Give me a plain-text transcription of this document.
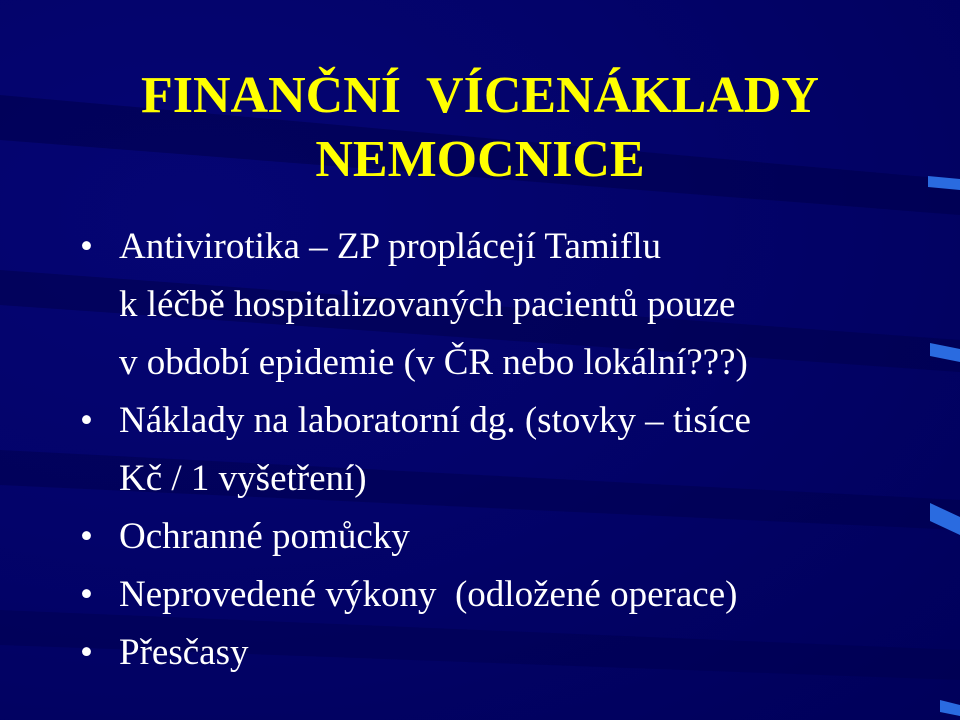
FINANČNÍ  VÍCENÁKLADY
NEMOCNICE

•

Antivirotika – ZP proplácejí Tamiflu

k léčbě hospitalizovaných pacientů pouze

v období epidemie (v ČR nebo lokální???)

•

Náklady na laboratorní dg. (stovky – tisíce

Kč / 1 vyšetření)

•

Ochranné pomůcky

•

Neprovedené výkony  (odložené operace)

•

Přesčasy
